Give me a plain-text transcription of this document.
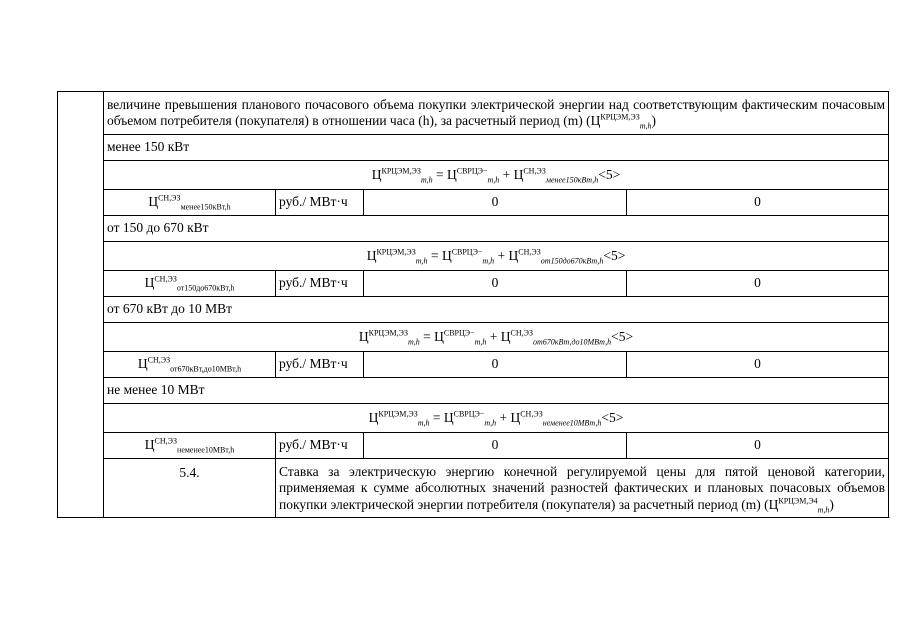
	величине превышения планового почасового объема покупки электрической энергии над соответствующим фактическим почасовым объемом потребителя (покупателя) в отношении часа (h), за расчетный период (m) $(Ц^{КРЦЭМ,ЭЗ}_{m,h})$			
	менее 150 кВт			
	$Ц^{КРЦЭМ,ЭЗ}_{m,h} = Ц^{СВРЦЭ-}_{m,h} + Ц^{СН,ЭЗ}_{менее150кВт,h}<5>$			
	$Ц^{СН,ЭЗ}_{менее150кВт,h}$	руб./ МВт·ч	0	0
	от 150 до 670 кВт			
	$Ц^{КРЦЭМ,ЭЗ}_{m,h} = Ц^{СВРЦЭ-}_{m,h} + Ц^{СН,ЭЗ}_{от150до670кВт,h}<5>$			
	$Ц^{СН,ЭЗ}_{от150до670кВт,h}$	руб./ МВт·ч	0	0
	от 670 кВт до 10 МВт			
	$Ц^{КРЦЭМ,ЭЗ}_{m,h} = Ц^{СВРЦЭ-}_{m,h} + Ц^{СН,ЭЗ}_{от670кВт,до10МВт,h}<5>$			
	$Ц^{СН,ЭЗ}_{от670кВт,до10МВт,h}$	руб./ МВт·ч	0	0
	не менее 10 МВт			
	$Ц^{КРЦЭМ,ЭЗ}_{m,h} = Ц^{СВРЦЭ-}_{m,h} + Ц^{СН,ЭЗ}_{неменее10МВт,h}<5>$			
	$Ц^{СН,ЭЗ}_{неменее10МВт,h}$	руб./ МВт·ч	0	0
	5.4.	Ставка за электрическую энергию конечной регулируемой цены для пятой ценовой категории, применяемая к сумме абсолютных значений разностей фактических и плановых почасовых объемов покупки электрической энергии потребителя (покупателя) за расчетный период (m) $(Ц^{КРЦЭМ,Э4}_{m,h})$		
